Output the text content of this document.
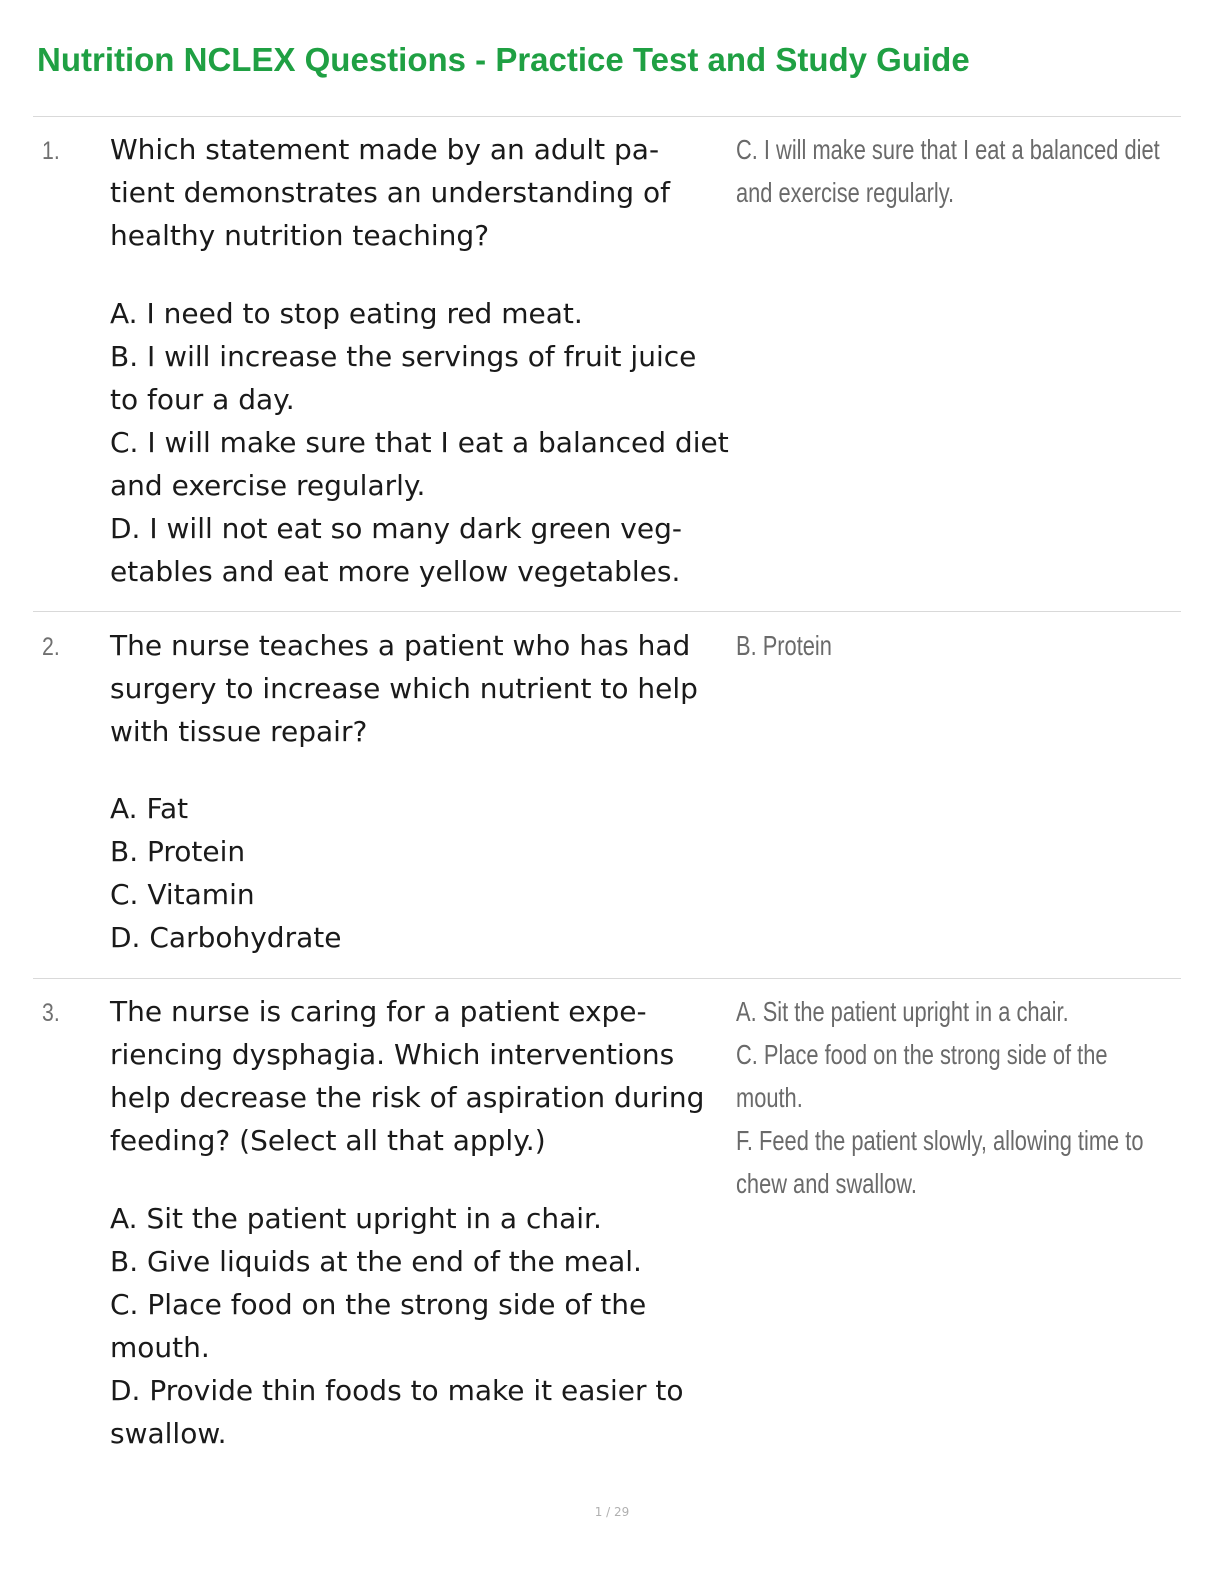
Nutrition NCLEX Questions - Practice Test and Study Guide
1. Which statement made by an adult pa-
tient demonstrates an understanding of
healthy nutrition teaching?
A. I need to stop eating red meat.
B. I will increase the servings of fruit juice
to four a day.
C. I will make sure that I eat a balanced diet
and exercise regularly.
D. I will not eat so many dark green veg-
etables and eat more yellow vegetables.
C. I will make sure that I eat a balanced diet
and exercise regularly.
2. The nurse teaches a patient who has had
surgery to increase which nutrient to help
with tissue repair?
A. Fat
B. Protein
C. Vitamin
D. Carbohydrate
B. Protein
3. The nurse is caring for a patient expe-
riencing dysphagia. Which interventions
help decrease the risk of aspiration during
feeding? (Select all that apply.)
A. Sit the patient upright in a chair.
B. Give liquids at the end of the meal.
C. Place food on the strong side of the
mouth.
D. Provide thin foods to make it easier to
swallow.
A. Sit the patient upright in a chair.
C. Place food on the strong side of the
mouth.
F. Feed the patient slowly, allowing time to
chew and swallow.
1 / 29
